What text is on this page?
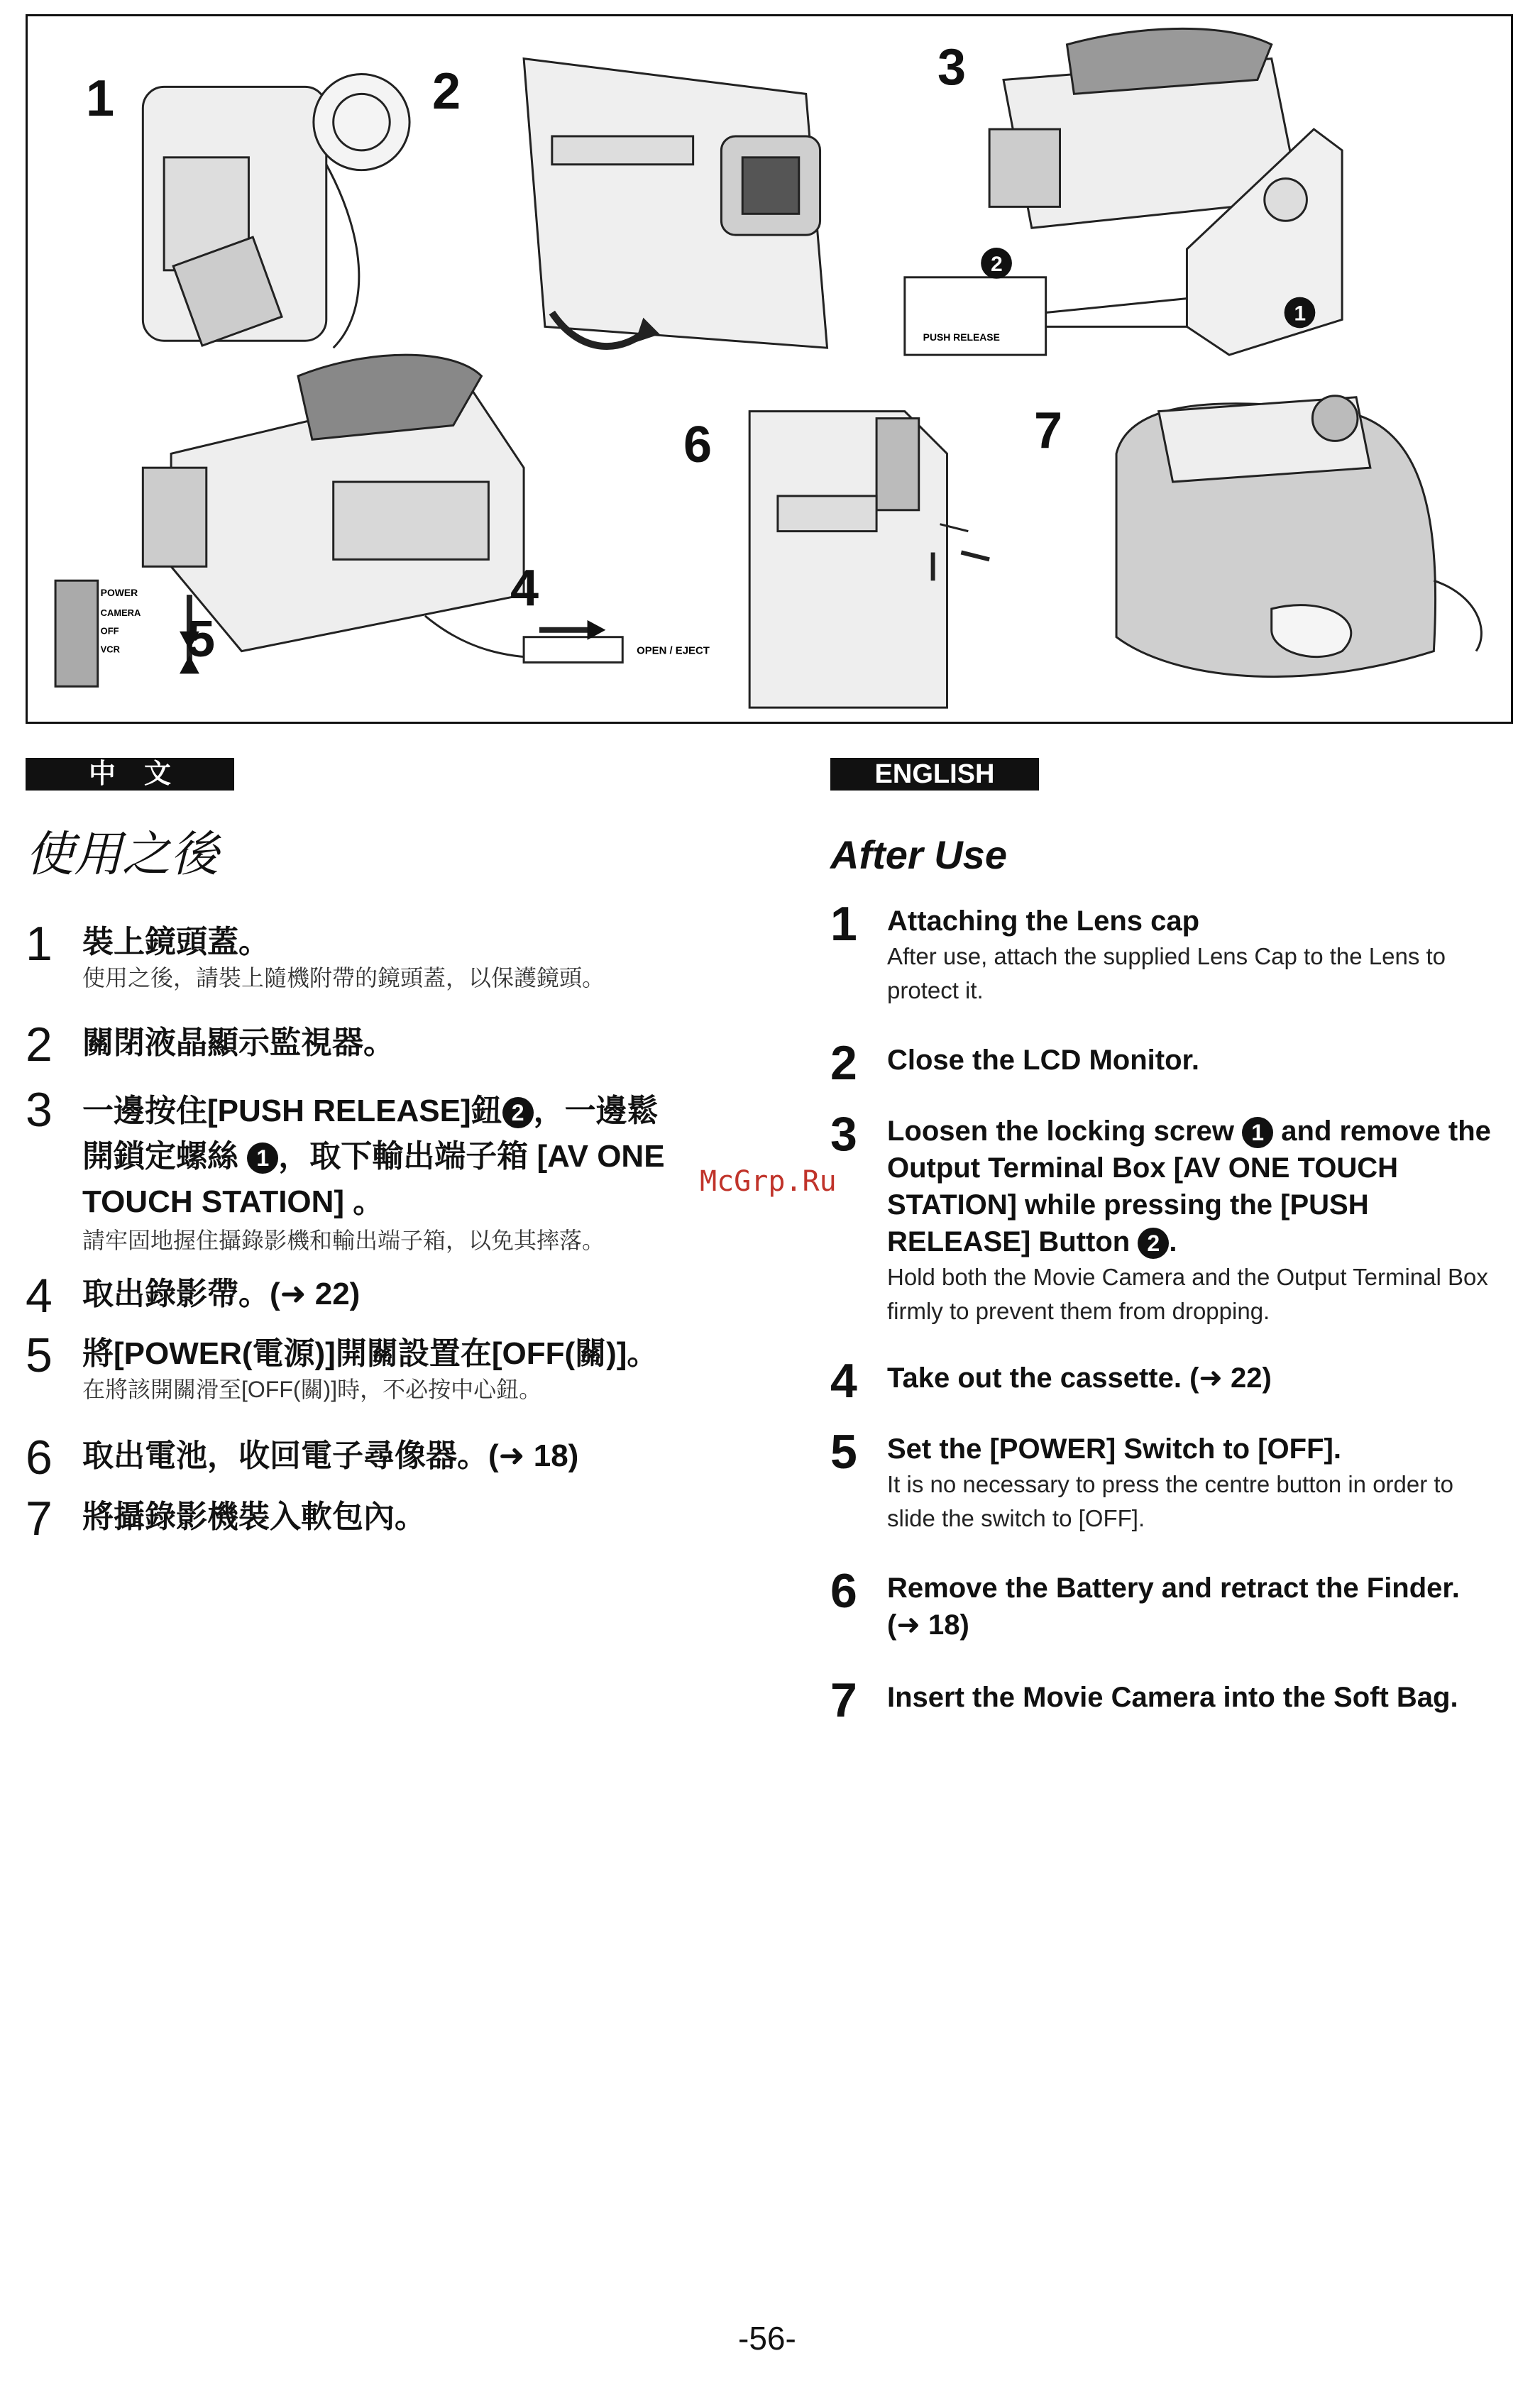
2
1
PUSH RELEASE
POWER
CAMERA
OFF
VCR	OPEN / EJECT
1	2	3
4
5
6	7
中文
使用之後
1 裝上鏡頭蓋。
使用之後，請裝上隨機附帶的鏡頭蓋，以保護鏡頭。
2 關閉液晶顯示監視器。
3 一邊按住[PUSH RELEASE]鈕 2 ，一邊鬆
開鎖定螺絲 1 ，取下輸出端子箱 [AV ONE TOUCH STATION] 。
請牢固地握住攝錄影機和輸出端子箱，以免其摔落。
4 取出錄影帶。(➜ 22)
5 將[POWER(電源)]開關設置在[OFF(關)]。
在將該開關滑至[OFF(關)]時，不必按中心鈕。
6 取出電池，收回電子尋像器。(➜ 18)
7 將攝錄影機裝入軟包內。
ENGLISH
After Use
1 Attaching the Lens cap
After use, attach the supplied Lens Cap to the Lens to protect it.
2 Close the LCD Monitor.
3 Loosen the locking screw 1 and remove the Output Terminal Box [AV ONE TOUCH STATION] while pressing the [PUSH RELEASE] Button 2 .
Hold both the Movie Camera and the Output Terminal Box firmly to prevent them from dropping.
4 Take out the cassette. (➜ 22)
5 Set the [POWER] Switch to [OFF].
It is no necessary to press the centre button in order to slide the switch to [OFF].
6 Remove the Battery and retract the Finder. (➜ 18)
7 Insert the Movie Camera into the Soft Bag.
McGrp.Ru
-56-
